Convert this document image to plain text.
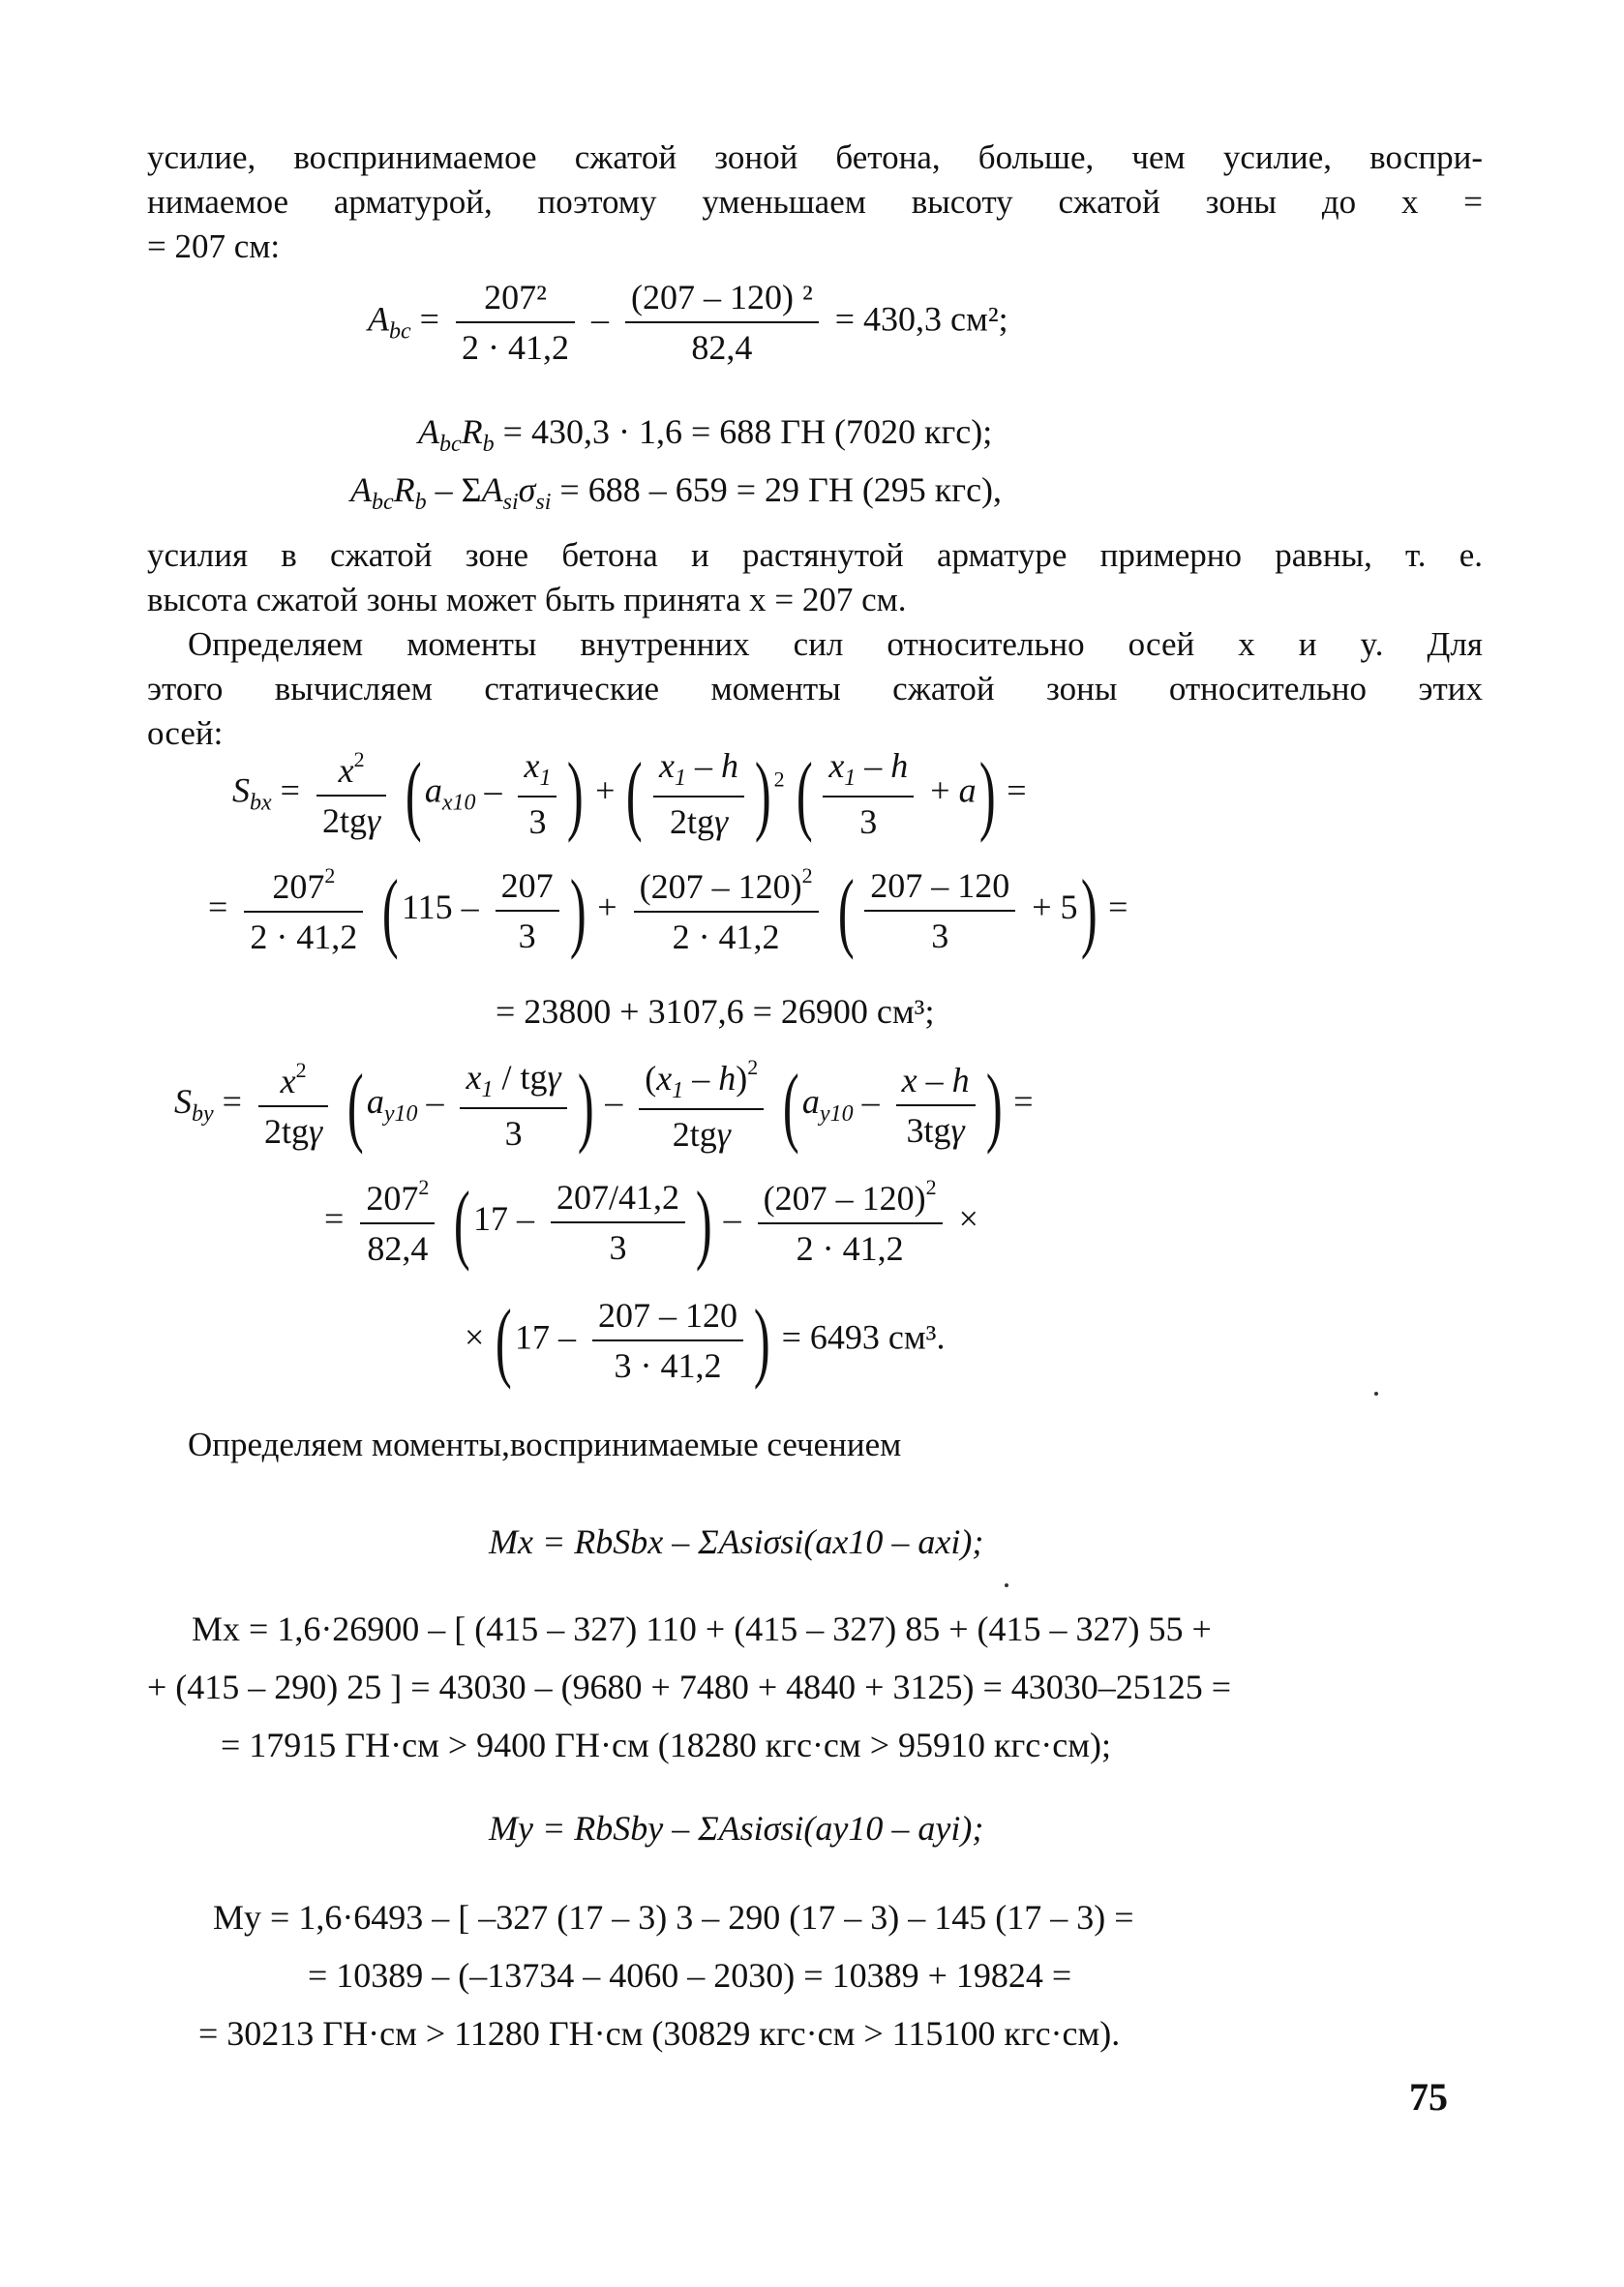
усилие, воспринимаемое сжатой зоной бетона, больше, чем усилие, воспри-
нимаемое арматурой, поэтому уменьшаем высоту сжатой зоны до x =
= 207 см:
$A_{bc} = \frac{\text{207²}}{2 \cdot 41,2} - \frac{\text{(207 – 120) ²}}{82,4} = 430,3$ см²;
$A_{bc}R_b = 430,3 \cdot 1,6 = 688$ ГН (7020 кгс);
$A_{bc}R_b - \Sigma A_{si}\sigma_{si} = 688 - 659 = 29$ ГН (295 кгс),
усилия в сжатой зоне бетона и растянутой арматуре примерно равны, т. е.
высота сжатой зоны может быть принята x = 207 см.
Определяем моменты внутренних сил относительно осей x и y. Для
этого вычисляем статические моменты сжатой зоны относительно этих
осей:
$S_{bx} = \frac{x^2}{\text{2tgγ}} (a_{x10} - \frac{x_1}{3}$ ) + ( $\frac{x_1 - h}{\text{2tgγ}}$ ) $^2$ ( $\frac{x_1 - h}{3} + a$) =
= $\frac{207^2}{2 \cdot 41,2} (115 - \frac{207}{3}$ ) + $\frac{(207 - 120)^2}{2 \cdot 41,2}$ ( $\frac{207 - 120}{3} + 5$) =
= 23800 + 3107,6 = 26900 см³;
$S_{by} = \frac{x^2}{\text{2tgγ}} (a_{y10} - \frac{x_1 / tg\gamma}{3}$ ) – $\frac{(x_1 - h)^2}{\text{2tgγ}} (a_{y10} - \frac{x - h}{\text{3tgγ}}$ ) =
= $\frac{207^2}{82,4} (17 - \frac{207/41,2}{3}$ ) – $\frac{(207 - 120)^2}{2 \cdot 41,2}$ ×
× ($17 - \frac{207 - 120}{3 \cdot 41,2}$ ) = 6493 см³.
Определяем моменты,воспринимаемые сечением
Mx = RbSbx – ΣAsiσsi(ax10 – axi);
Mx = 1,6·26900 – [ (415 – 327) 110 + (415 – 327) 85 + (415 – 327) 55 +
+ (415 – 290) 25 ] = 43030 – (9680 + 7480 + 4840 + 3125) = 43030–25125 =
= 17915 ГН·см > 9400 ГН·см (18280 кгс·см > 95910 кгс·см);
My = RbSby – ΣAsiσsi(ay10 – ayi);
My = 1,6·6493 – [ –327 (17 – 3) 3 – 290 (17 – 3) – 145 (17 – 3) =
= 10389 – (–13734 – 4060 – 2030) = 10389 + 19824 =
= 30213 ГН·см > 11280 ГН·см (30829 кгс·см > 115100 кгс·см).
75
